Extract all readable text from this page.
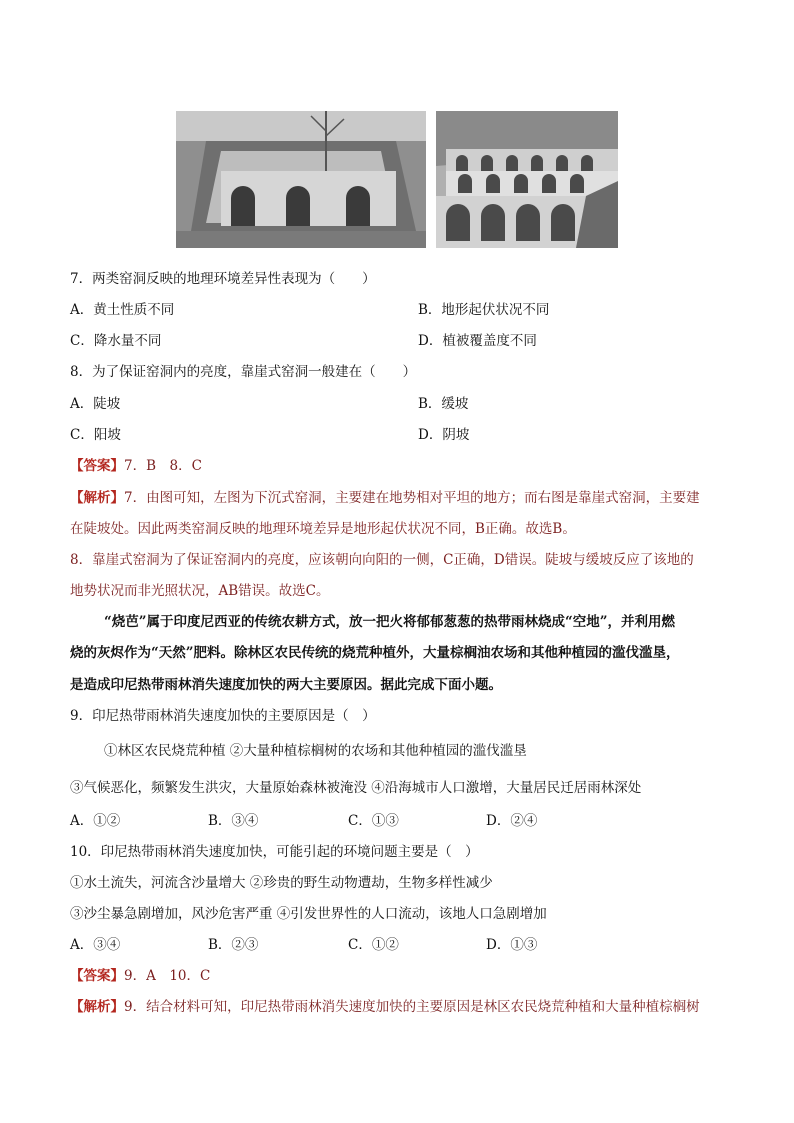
7．两类窑洞反映的地理环境差异性表现为（　　）
A．黄土性质不同	B．地形起伏状况不同
C．降水量不同	D．植被覆盖度不同
8．为了保证窑洞内的亮度，靠崖式窑洞一般建在（　　）
A．陡坡	B．缓坡
C．阳坡	D．阴坡
【答案】7．B　8．C
【解析】7．由图可知，左图为下沉式窑洞，主要建在地势相对平坦的地方；而右图是靠崖式窑洞，主要建
在陡坡处。因此两类窑洞反映的地理环境差异是地形起伏状况不同，B正确。故选B。
8．靠崖式窑洞为了保证窑洞内的亮度，应该朝向向阳的一侧，C正确，D错误。陡坡与缓坡反应了该地的
地势状况而非光照状况，AB错误。故选C。
“烧芭”属于印度尼西亚的传统农耕方式，放一把火将郁郁葱葱的热带雨林烧成“空地”，并利用燃
烧的灰烬作为“天然”肥料。除林区农民传统的烧荒种植外，大量棕榈油农场和其他种植园的滥伐滥垦，
是造成印尼热带雨林消失速度加快的两大主要原因。据此完成下面小题。
9．印尼热带雨林消失速度加快的主要原因是（　）
①林区农民烧荒种植 ②大量种植棕榈树的农场和其他种植园的滥伐滥垦
③气候恶化，频繁发生洪灾，大量原始森林被淹没 ④沿海城市人口激增，大量居民迁居雨林深处
A．①②	B．③④	C．①③	D．②④
10．印尼热带雨林消失速度加快，可能引起的环境问题主要是（　）
①水土流失，河流含沙量增大 ②珍贵的野生动物遭劫，生物多样性减少
③沙尘暴急剧增加，风沙危害严重 ④引发世界性的人口流动，该地人口急剧增加
A．③④	B．②③	C．①②	D．①③
【答案】9．A　10．C
【解析】9．结合材料可知，印尼热带雨林消失速度加快的主要原因是林区农民烧荒种植和大量种植棕榈树
